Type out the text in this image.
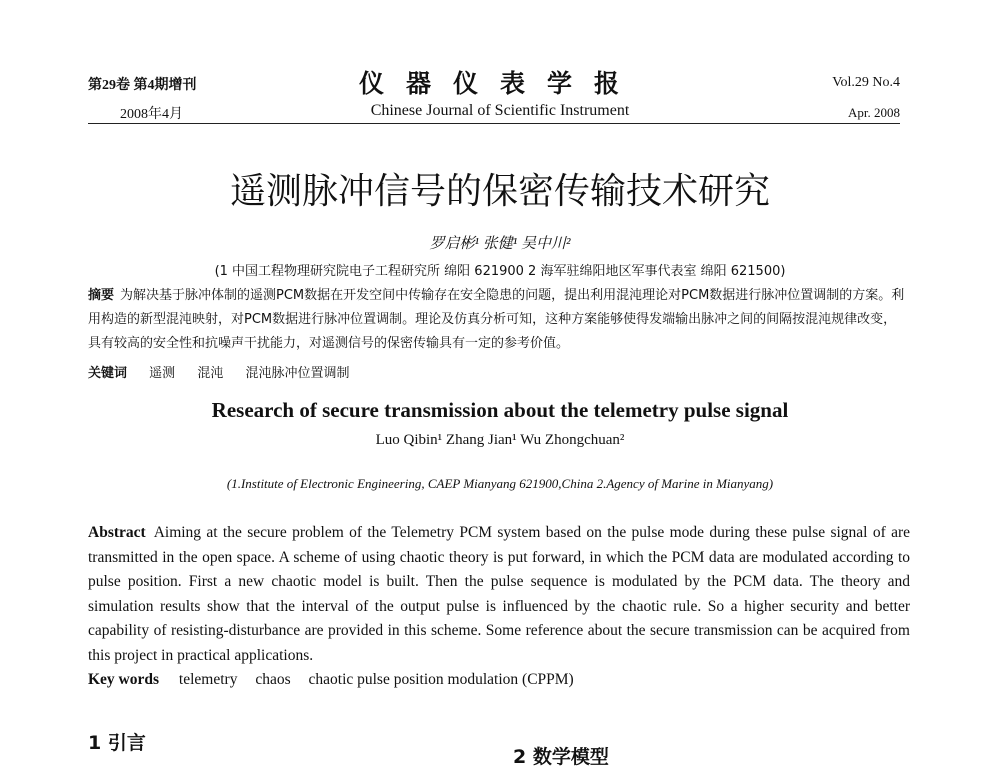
第29卷 第4期增刊
2008年4月
仪器仪表学报
Chinese Journal of Scientific Instrument
Vol.29 No.4
Apr. 2008
遥测脉冲信号的保密传输技术研究
罗启彬¹ 张健¹ 吴中川²
(1 中国工程物理研究院电子工程研究所 绵阳 621900 2 海军驻绵阳地区军事代表室 绵阳 621500)
摘要 为解决基于脉冲体制的遥测PCM数据在开发空间中传输存在安全隐患的问题，提出利用混沌理论对PCM数据进行脉冲位置调制的方案。利用构造的新型混沌映射，对PCM数据进行脉冲位置调制。理论及仿真分析可知，这种方案能够使得发端输出脉冲之间的间隔按混沌规律改变，具有较高的安全性和抗噪声干扰能力，对遥测信号的保密传输具有一定的参考价值。
关键词 遥测 混沌 混沌脉冲位置调制
Research of secure transmission about the telemetry pulse signal
Luo Qibin¹ Zhang Jian¹ Wu Zhongchuan²
(1.Institute of Electronic Engineering, CAEP Mianyang 621900,China 2.Agency of Marine in Mianyang)
Abstract Aiming at the secure problem of the Telemetry PCM system based on the pulse mode during these pulse signal of are transmitted in the open space. A scheme of using chaotic theory is put forward, in which the PCM data are modulated according to pulse position. First a new chaotic model is built. Then the pulse sequence is modulated by the PCM data. The theory and simulation results show that the interval of the output pulse is influenced by the chaotic rule. So a higher security and better capability of resisting-disturbance are provided in this scheme. Some reference about the secure transmission can be acquired from this project in practical applications.
Key words telemetry chaos chaotic pulse position modulation (CPPM)
1 引言
2 数学模型
